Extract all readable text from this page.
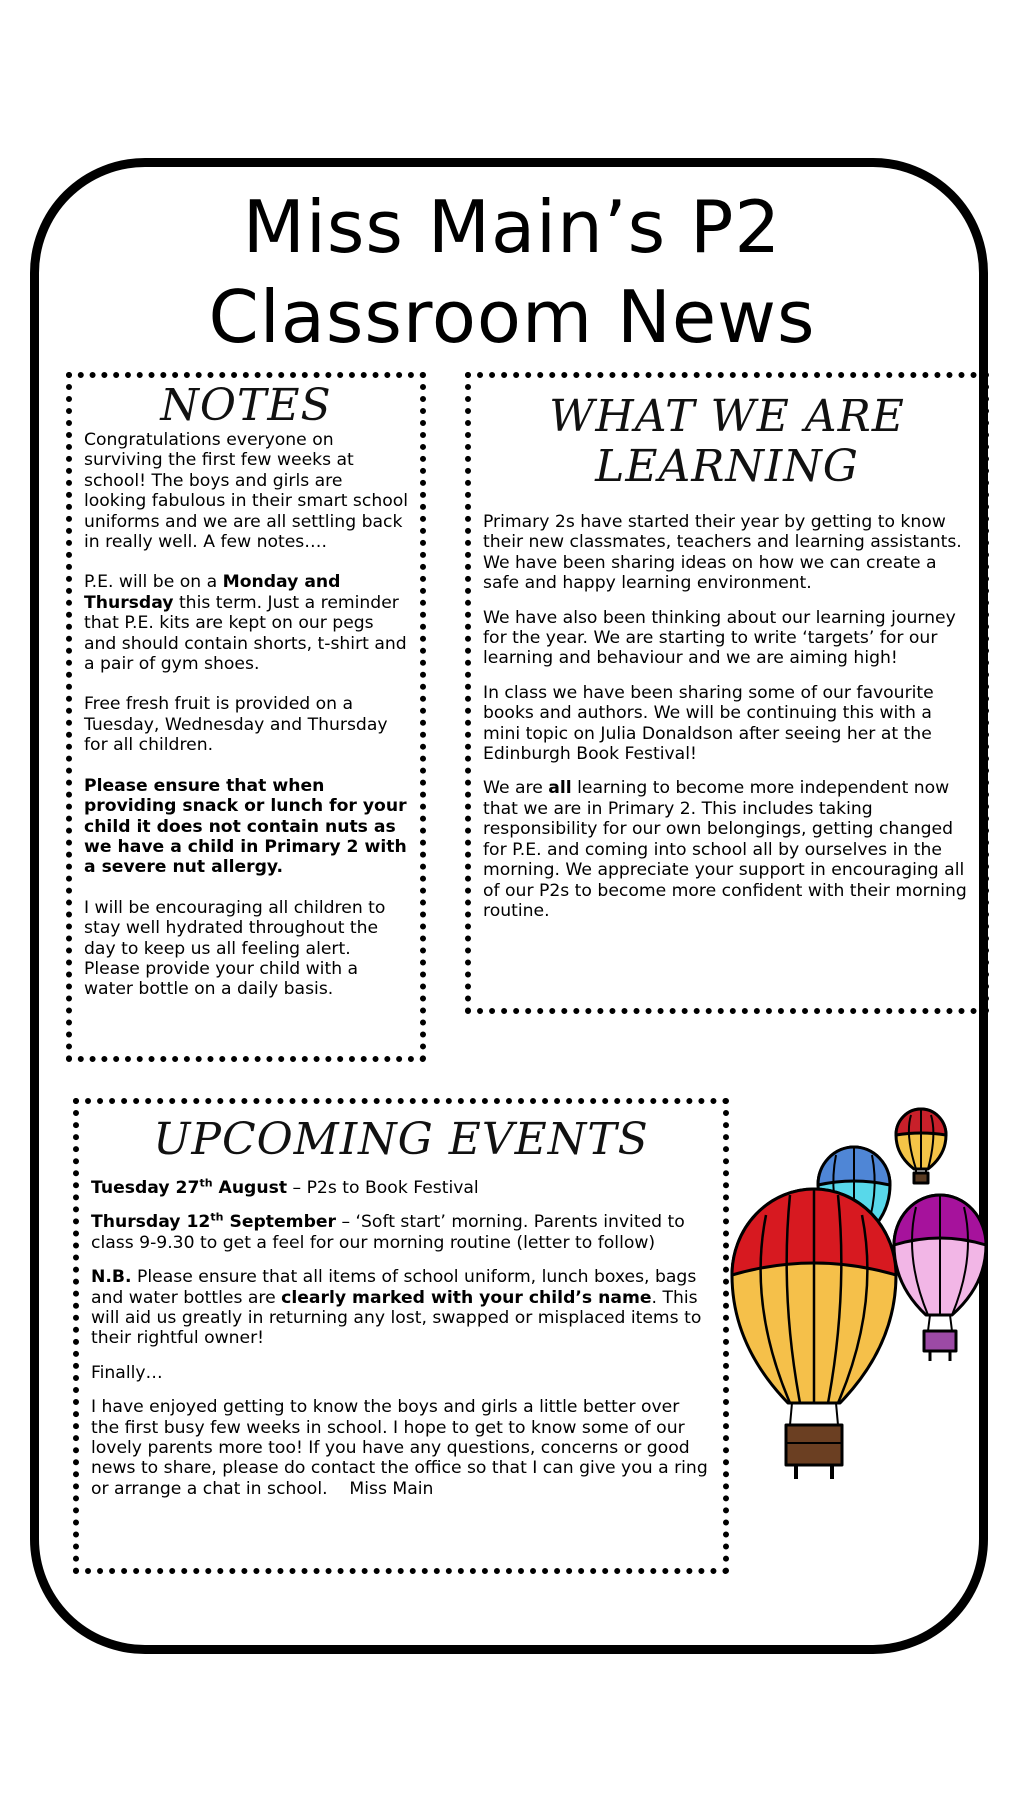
Miss Main’s P2
Classroom News
NOTES

Congratulations everyone on surviving the first few weeks at school! The boys and girls are looking fabulous in their smart school uniforms and we are all settling back in really well. A few notes….

P.E. will be on a Monday and Thursday this term. Just a reminder that P.E. kits are kept on our pegs and should contain shorts, t-shirt and a pair of gym shoes.

Free fresh fruit is provided on a Tuesday, Wednesday and Thursday for all children.

Please ensure that when providing snack or lunch for your child it does not contain nuts as we have a child in Primary 2 with a severe nut allergy.

I will be encouraging all children to stay well hydrated throughout the day to keep us all feeling alert. Please provide your child with a water bottle on a daily basis.

WHAT WE ARE LEARNING

Primary 2s have started their year by getting to know their new classmates, teachers and learning assistants. We have been sharing ideas on how we can create a safe and happy learning environment.

We have also been thinking about our learning journey for the year. We are starting to write ‘targets’ for our learning and behaviour and we are aiming high!

In class we have been sharing some of our favourite books and authors. We will be continuing this with a mini topic on Julia Donaldson after seeing her at the Edinburgh Book Festival!

We are all learning to become more independent now that we are in Primary 2. This includes taking responsibility for our own belongings, getting changed for P.E. and coming into school all by ourselves in the morning. We appreciate your support in encouraging all of our P2s to become more confident with their morning routine.

UPCOMING EVENTS

Tuesday 27th August – P2s to Book Festival

Thursday 12th September – ‘Soft start’ morning. Parents invited to class 9-9.30 to get a feel for our morning routine (letter to follow)

N.B. Please ensure that all items of school uniform, lunch boxes, bags and water bottles are clearly marked with your child’s name. This will aid us greatly in returning any lost, swapped or misplaced items to their rightful owner!

Finally…

I have enjoyed getting to know the boys and girls a little better over the first busy few weeks in school. I hope to get to know some of our lovely parents more too! If you have any questions, concerns or good news to share, please do contact the office so that I can give you a ring or arrange a chat in school. Miss Main
